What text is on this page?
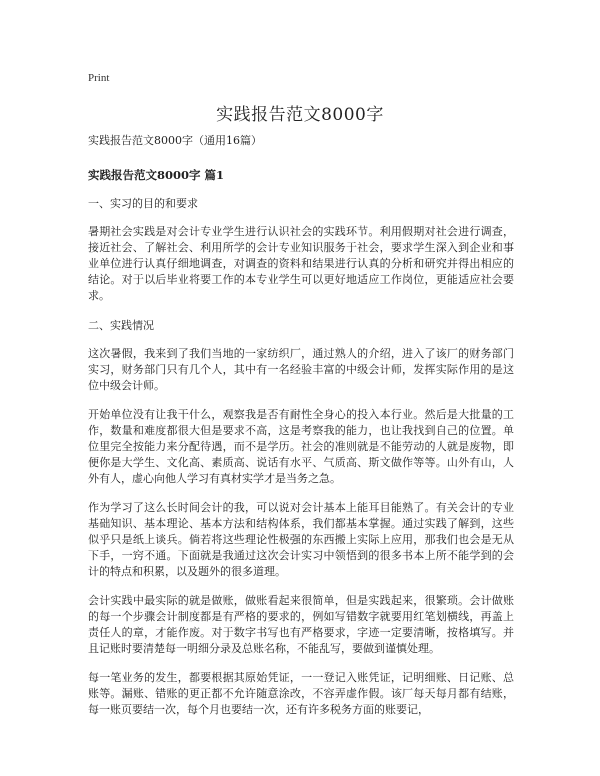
Print
实践报告范文8000字

实践报告范文8000字（通用16篇）

实践报告范文8000字 篇1

一、实习的目的和要求

暑期社会实践是对会计专业学生进行认识社会的实践环节。利用假期对社会进行调查，接近社会、了解社会、利用所学的会计专业知识服务于社会，要求学生深入到企业和事业单位进行认真仔细地调查，对调查的资料和结果进行认真的分析和研究并得出相应的结论。对于以后毕业将要工作的本专业学生可以更好地适应工作岗位，更能适应社会要求。

二、实践情况

这次暑假，我来到了我们当地的一家纺织厂，通过熟人的介绍，进入了该厂的财务部门实习，财务部门只有几个人，其中有一名经验丰富的中级会计师，发挥实际作用的是这位中级会计师。

开始单位没有让我干什么，观察我是否有耐性全身心的投入本行业。然后是大批量的工作，数量和难度都很大但是要求不高，这是考察我的能力，也让我找到自己的位置。单位里完全按能力来分配待遇，而不是学历。社会的准则就是不能劳动的人就是废物，即便你是大学生、文化高、素质高、说话有水平、气质高、斯文做作等等。山外有山，人外有人，虚心向他人学习有真材实学才是当务之急。

作为学习了这么长时间会计的我，可以说对会计基本上能耳目能熟了。有关会计的专业基础知识、基本理论、基本方法和结构体系，我们都基本掌握。通过实践了解到，这些似乎只是纸上谈兵。倘若将这些理论性极强的东西搬上实际上应用，那我们也会是无从下手，一窍不通。下面就是我通过这次会计实习中领悟到的很多书本上所不能学到的会计的特点和积累，以及题外的很多道理。

会计实践中最实际的就是做账，做账看起来很简单，但是实践起来，很繁琐。会计做账的每一个步骤会计制度都是有严格的要求的，例如写错数字就要用红笔划横线，再盖上责任人的章，才能作废。对于数字书写也有严格要求，字迹一定要清晰，按格填写。并且记账时要清楚每一明细分录及总账名称，不能乱写，要做到谨慎处理。

每一笔业务的发生，都要根据其原始凭证，一一登记入账凭证，记明细账、日记账、总账等。漏账、错账的更正都不允许随意涂改，不容弄虚作假。该厂每天每月都有结账，每一账页要结一次，每个月也要结一次，还有许多税务方面的账要记，
